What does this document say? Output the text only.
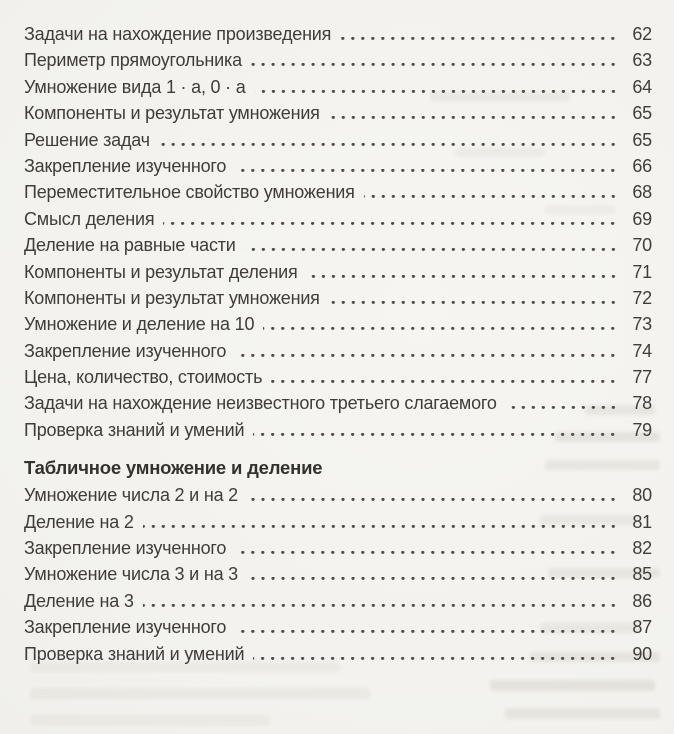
Задачи на нахождение произведения	62
Периметр прямоугольника	63
Умножение вида 1 · а, 0 · а	64
Компоненты и результат умножения	65
Решение задач	65
Закрепление изученного	66
Переместительное свойство умножения	68
Смысл деления	69
Деление на равные части	70
Компоненты и результат деления	71
Компоненты и результат умножения	72
Умножение и деление на 10	73
Закрепление изученного	74
Цена, количество, стоимость	77
Задачи на нахождение неизвестного третьего слагаемого	78
Проверка знаний и умений	79
Табличное умножение и деление
Умножение числа 2 и на 2	80
Деление на 2	81
Закрепление изученного	82
Умножение числа 3 и на 3	85
Деление на 3	86
Закрепление изученного	87
Проверка знаний и умений	90
